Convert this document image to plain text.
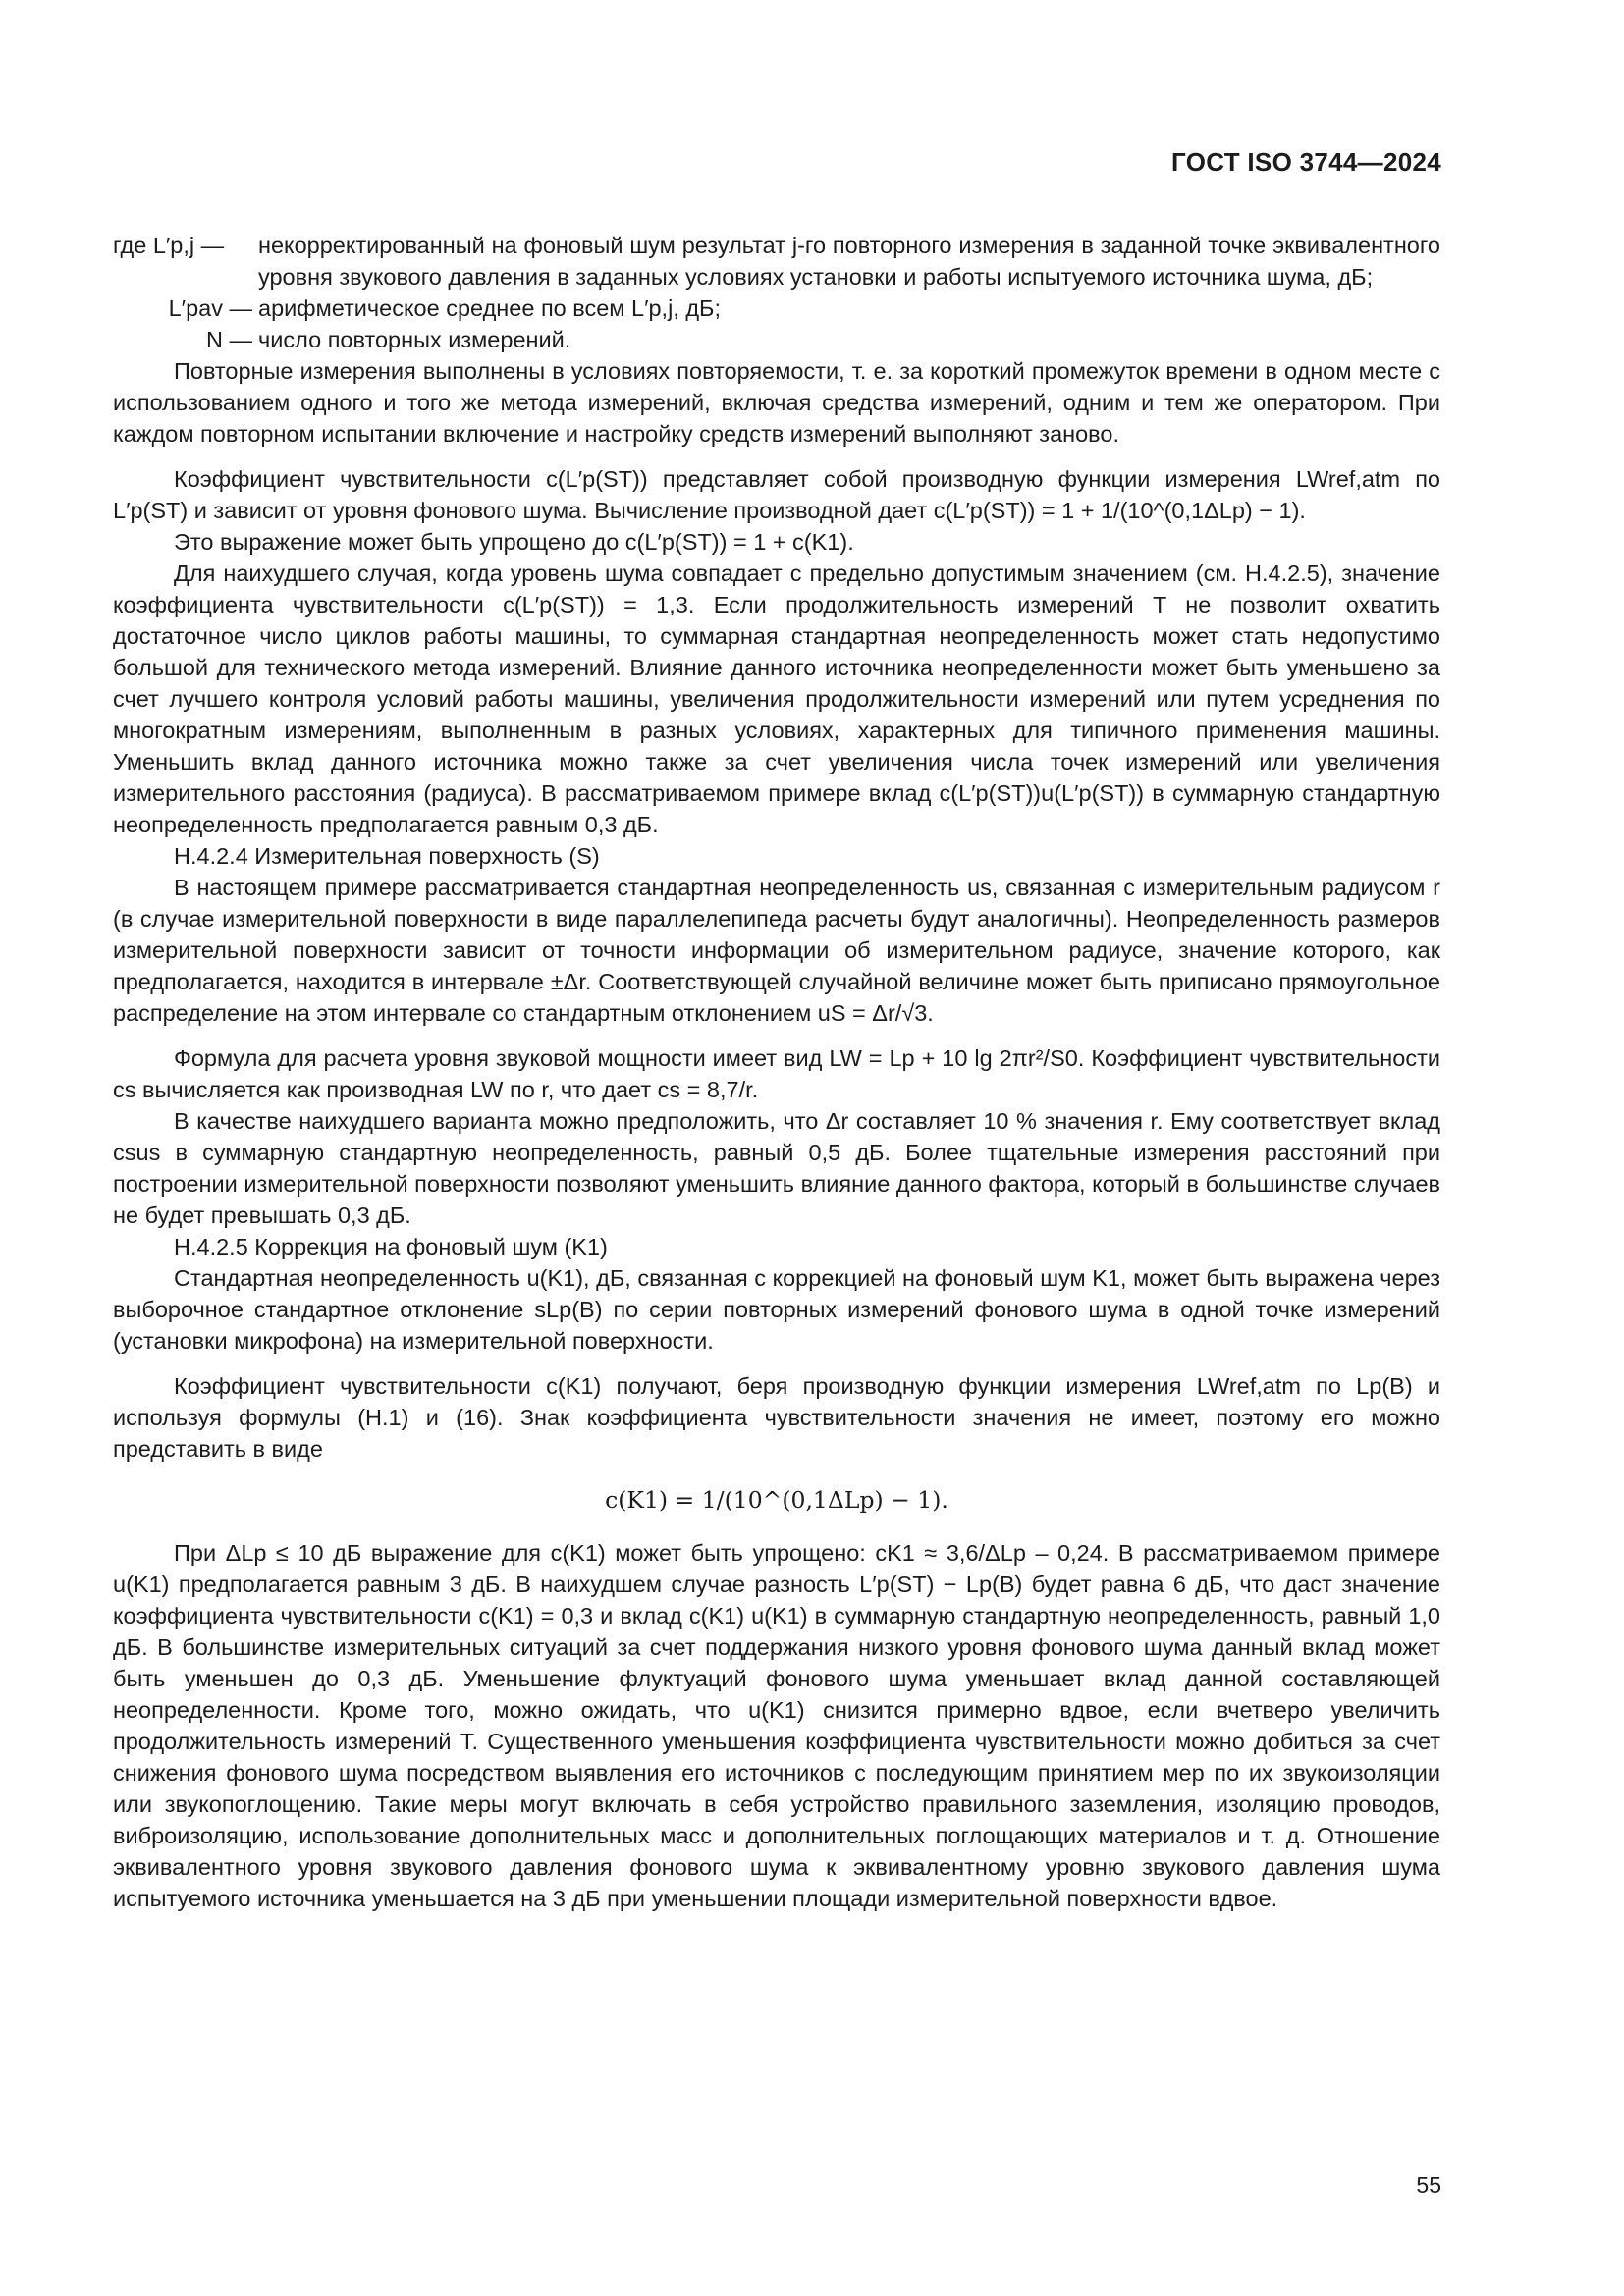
ГОСТ ISO 3744—2024
где L′p,j —	некорректированный на фоновый шум результат j-го повторного измерения в заданной точке эквивалентного уровня звукового давления в заданных условиях установки и работы испытуемого источника шума, дБ;
L′pav — арифметическое среднее по всем L′p,j, дБ;
N — число повторных измерений.

Повторные измерения выполнены в условиях повторяемости, т. е. за короткий промежуток времени в одном месте с использованием одного и того же метода измерений, включая средства измерений, одним и тем же оператором. При каждом повторном испытании включение и настройку средств измерений выполняют заново.

Коэффициент чувствительности c(L′p(ST)) представляет собой производную функции измерения LWref,atm по L′p(ST) и зависит от уровня фонового шума. Вычисление производной дает c(L′p(ST)) = 1 + 1/(10^(0,1ΔLp) − 1).

Это выражение может быть упрощено до c(L′p(ST)) = 1 + c(K1).

Для наихудшего случая, когда уровень шума совпадает с предельно допустимым значением (см. Н.4.2.5), значение коэффициента чувствительности c(L′p(ST)) = 1,3. Если продолжительность измерений T не позволит охватить достаточное число циклов работы машины, то суммарная стандартная неопределенность может стать недопустимо большой для технического метода измерений. Влияние данного источника неопределенности может быть уменьшено за счет лучшего контроля условий работы машины, увеличения продолжительности измерений или путем усреднения по многократным измерениям, выполненным в разных условиях, характерных для типичного применения машины. Уменьшить вклад данного источника можно также за счет увеличения числа точек измерений или увеличения измерительного расстояния (радиуса). В рассматриваемом примере вклад c(L′p(ST))u(L′p(ST)) в суммарную стандартную неопределенность предполагается равным 0,3 дБ.

Н.4.2.4 Измерительная поверхность (S)

В настоящем примере рассматривается стандартная неопределенность us, связанная с измерительным радиусом r (в случае измерительной поверхности в виде параллелепипеда расчеты будут аналогичны). Неопределенность размеров измерительной поверхности зависит от точности информации об измерительном радиусе, значение которого, как предполагается, находится в интервале ±Δr. Соответствующей случайной величине может быть приписано прямоугольное распределение на этом интервале со стандартным отклонением uS = Δr/√3.

Формула для расчета уровня звуковой мощности имеет вид LW = Lp + 10 lg 2πr²/S0. Коэффициент чувствительности cs вычисляется как производная LW по r, что дает cs = 8,7/r.

В качестве наихудшего варианта можно предположить, что Δr составляет 10 % значения r. Ему соответствует вклад csus в суммарную стандартную неопределенность, равный 0,5 дБ. Более тщательные измерения расстояний при построении измерительной поверхности позволяют уменьшить влияние данного фактора, который в большинстве случаев не будет превышать 0,3 дБ.

Н.4.2.5 Коррекция на фоновый шум (K1)

Стандартная неопределенность u(K1), дБ, связанная с коррекцией на фоновый шум K1, может быть выражена через выборочное стандартное отклонение sLp(B) по серии повторных измерений фонового шума в одной точке измерений (установки микрофона) на измерительной поверхности.

Коэффициент чувствительности c(K1) получают, беря производную функции измерения LWref,atm по Lp(B) и используя формулы (Н.1) и (16). Знак коэффициента чувствительности значения не имеет, поэтому его можно представить в виде

c(K1) = 1/(10^(0,1ΔLp) − 1).

При ΔLp ≤ 10 дБ выражение для c(K1) может быть упрощено: cK1 ≈ 3,6/ΔLp – 0,24. В рассматриваемом примере u(K1) предполагается равным 3 дБ. В наихудшем случае разность L′p(ST) − Lp(B) будет равна 6 дБ, что даст значение коэффициента чувствительности c(K1) = 0,3 и вклад c(K1) u(K1) в суммарную стандартную неопределенность, равный 1,0 дБ. В большинстве измерительных ситуаций за счет поддержания низкого уровня фонового шума данный вклад может быть уменьшен до 0,3 дБ. Уменьшение флуктуаций фонового шума уменьшает вклад данной составляющей неопределенности. Кроме того, можно ожидать, что u(K1) снизится примерно вдвое, если вчетверо увеличить продолжительность измерений T. Существенного уменьшения коэффициента чувствительности можно добиться за счет снижения фонового шума посредством выявления его источников с последующим принятием мер по их звукоизоляции или звукопоглощению. Такие меры могут включать в себя устройство правильного заземления, изоляцию проводов, виброизоляцию, использование дополнительных масс и дополнительных поглощающих материалов и т. д. Отношение эквивалентного уровня звукового давления фонового шума к эквивалентному уровню звукового давления шума испытуемого источника уменьшается на 3 дБ при уменьшении площади измерительной поверхности вдвое.

55
